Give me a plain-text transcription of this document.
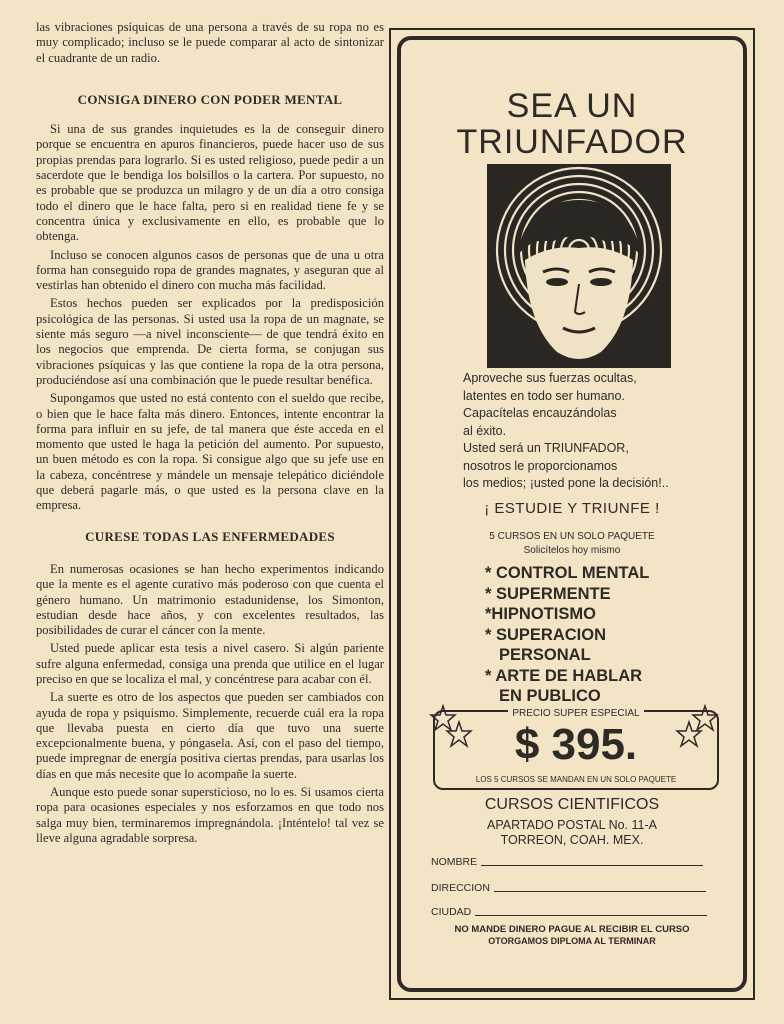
las vibraciones psíquicas de una persona a través de su ropa no es muy complicado; incluso se le puede comparar al acto de sintonizar el cuadrante de un radio.

CONSIGA DINERO CON PODER MENTAL

Si una de sus grandes inquietudes es la de conseguir dinero porque se encuentra en apuros financieros, puede hacer uso de sus propias prendas para lograrlo. Si es usted religioso, puede pedir a un sacerdote que le bendiga los bolsillos o la cartera. Por supuesto, no es probable que se produzca un milagro y de un día a otro consiga todo el dinero que le hace falta, pero si en realidad tiene fe y se concentra única y exclusivamente en ello, es probable que lo obtenga.

Incluso se conocen algunos casos de personas que de una u otra forma han conseguido ropa de grandes magnates, y aseguran que al vestirlas han obtenido el dinero con mucha más facilidad.

Estos hechos pueden ser explicados por la predisposición psicológica de las personas. Si usted usa la ropa de un magnate, se siente más seguro —a nivel inconsciente— de que tendrá éxito en los negocios que emprenda. De cierta forma, se conjugan sus vibraciones psíquicas y las que contiene la ropa de la otra persona, produciéndose así una combinación que le puede resultar benéfica.

Supongamos que usted no está contento con el sueldo que recibe, o bien que le hace falta más dinero. Entonces, intente encontrar la forma para influir en su jefe, de tal manera que éste acceda en el momento que usted le haga la petición del aumento. Por supuesto, un buen método es con la ropa. Si consigue algo que su jefe use en la cabeza, concéntrese y mándele un mensaje telepático diciéndole que deberá pagarle más, o que usted es la persona clave en la empresa.

CURESE TODAS LAS ENFERMEDADES

En numerosas ocasiones se han hecho experimentos indicando que la mente es el agente curativo más poderoso con que cuenta el género humano. Un matrimonio estadunidense, los Simonton, estudian desde hace años, y con excelentes resultados, las posibilidades de curar el cáncer con la mente.

Usted puede aplicar esta tesis a nivel casero. Si algún pariente sufre alguna enfermedad, consiga una prenda que utilice en el lugar preciso en que se localiza el mal, y concéntrese para acabar con él.

La suerte es otro de los aspectos que pueden ser cambiados con ayuda de ropa y psiquismo. Simplemente, recuerde cuál era la ropa que llevaba puesta en cierto día que tuvo una suerte excepcionalmente buena, y póngasela. Así, con el paso del tiempo, puede impregnar de energía positiva ciertas prendas, para usarlas los días en que más necesite que lo acompañe la suerte.

Aunque esto puede sonar supersticioso, no lo es. Si usamos cierta ropa para ocasiones especiales y nos esforzamos en que todo nos salga muy bien, terminaremos impregnándola. ¡Inténtelo! tal vez se lleve alguna agradable sorpresa.

SEA UN
TRIUNFADOR
Aproveche sus fuerzas ocultas,
latentes en todo ser humano.
Capacítelas encauzándolas
al éxito.
Usted será un TRIUNFADOR,
nosotros le proporcionamos
los medios; ¡usted pone la decisión!..
¡ ESTUDIE Y TRIUNFE !
5 CURSOS EN UN SOLO PAQUETE
Solicítelos hoy mismo
* CONTROL MENTAL
* SUPERMENTE
*HIPNOTISMO
* SUPERACION
PERSONAL
* ARTE DE HABLAR
EN PUBLICO
PRECIO SUPER ESPECIAL
$ 395.
LOS 5 CURSOS SE MANDAN EN UN SOLO PAQUETE
CURSOS CIENTIFICOS
APARTADO POSTAL No. 11-A
TORREON, COAH. MEX.
NOMBRE
DIRECCION
CIUDAD
NO MANDE DINERO PAGUE AL RECIBIR EL CURSO
OTORGAMOS DIPLOMA AL TERMINAR
